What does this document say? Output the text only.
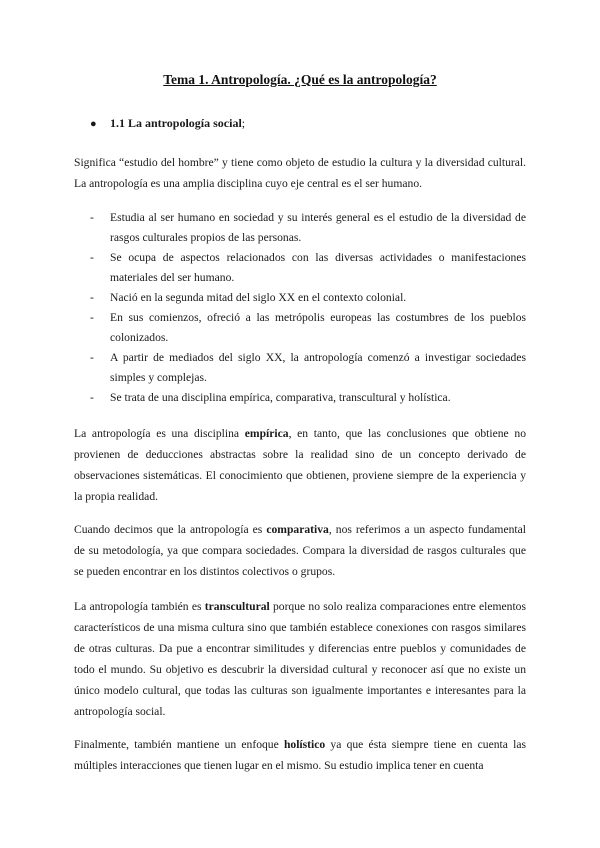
Tema 1. Antropología. ¿Qué es la antropología?
● 1.1 La antropología social;

Significa “estudio del hombre” y tiene como objeto de estudio la cultura y la diversidad cultural. La antropología es una amplia disciplina cuyo eje central es el ser humano.

- Estudia al ser humano en sociedad y su interés general es el estudio de la diversidad de rasgos culturales propios de las personas.
- Se ocupa de aspectos relacionados con las diversas actividades o manifestaciones materiales del ser humano.
- Nació en la segunda mitad del siglo XX en el contexto colonial.
- En sus comienzos, ofreció a las metrópolis europeas las costumbres de los pueblos colonizados.
- A partir de mediados del siglo XX, la antropología comenzó a investigar sociedades simples y complejas.
- Se trata de una disciplina empírica, comparativa, transcultural y holística.

La antropología es una disciplina empírica, en tanto, que las conclusiones que obtiene no provienen de deducciones abstractas sobre la realidad sino de un concepto derivado de observaciones sistemáticas. El conocimiento que obtienen, proviene siempre de la experiencia y la propia realidad.

Cuando decimos que la antropología es comparativa, nos referimos a un aspecto fundamental de su metodología, ya que compara sociedades. Compara la diversidad de rasgos culturales que se pueden encontrar en los distintos colectivos o grupos.

La antropología también es transcultural porque no solo realiza comparaciones entre elementos característicos de una misma cultura sino que también establece conexiones con rasgos similares de otras culturas. Da pue a encontrar similitudes y diferencias entre pueblos y comunidades de todo el mundo. Su objetivo es descubrir la diversidad cultural y reconocer así que no existe un único modelo cultural, que todas las culturas son igualmente importantes e interesantes para la antropología social.

Finalmente, también mantiene un enfoque holístico ya que ésta siempre tiene en cuenta las múltiples interacciones que tienen lugar en el mismo. Su estudio implica tener en cuenta
